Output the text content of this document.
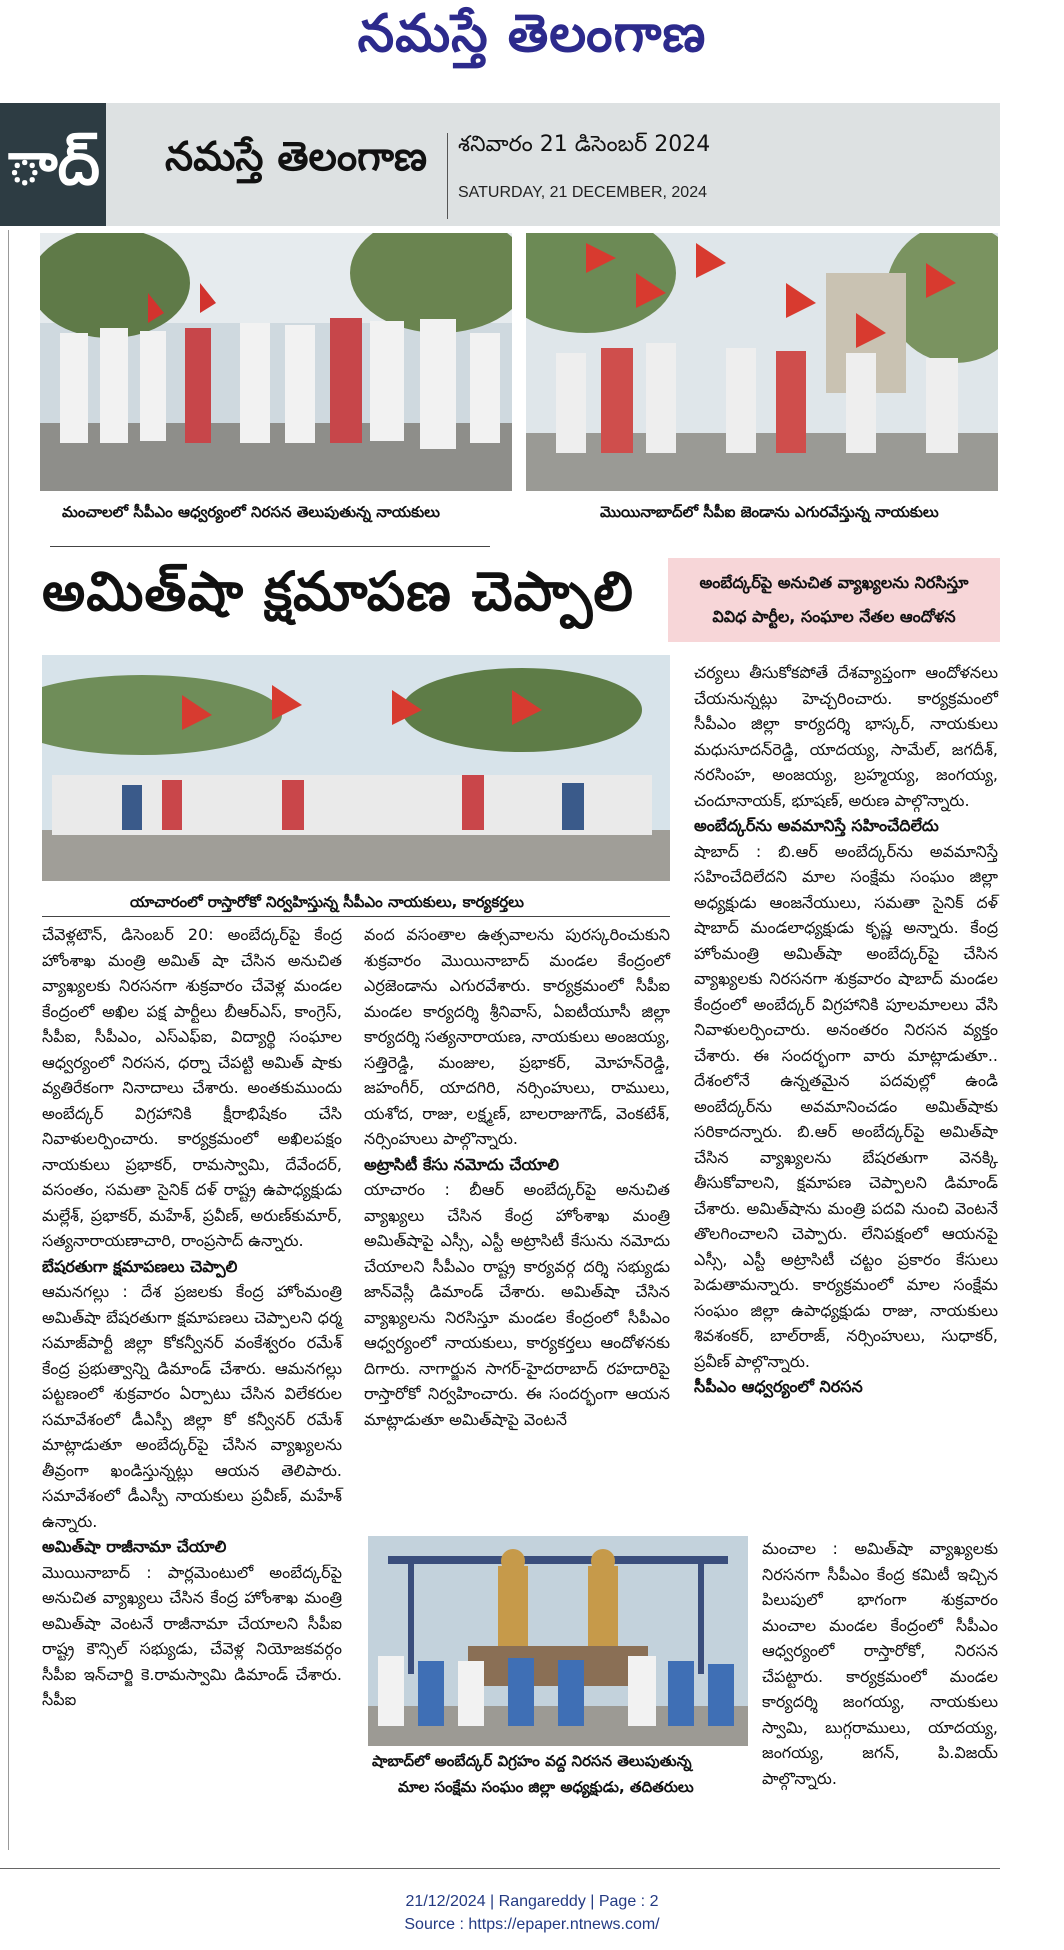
నమస్తే తెలంగాణ
ాద్ నమస్తే తెలంగాణ శనివారం 21 డిసెంబర్ 2024
SATURDAY, 21 DECEMBER, 2024
మంచాలలో సీపీఎం ఆధ్వర్యంలో నిరసన తెలుపుతున్న నాయకులు	మొయినాబాద్‌లో సీపీఐ జెండాను ఎగురవేస్తున్న నాయకులు
అమిత్‌షా క్షమాపణ చెప్పాలి	అంబేద్కర్‌పై అనుచిత వ్యాఖ్యలను నిరసిస్తూ
వివిధ పార్టీల, సంఘాల నేతల ఆందోళన
యాచారంలో రాస్తారోకో నిర్వహిస్తున్న సీపీఎం నాయకులు, కార్యకర్తలు

చేవెళ్లటౌన్, డిసెంబర్ 20: అంబేద్కర్‌పై కేంద్ర హోంశాఖ మంత్రి అమిత్ షా చేసిన అనుచిత వ్యాఖ్యలకు నిరసనగా శుక్రవారం చేవెళ్ల మండల కేంద్రంలో అఖిల పక్ష పార్టీలు బీఆర్ఎస్, కాంగ్రెస్, సీపీఐ, సీపీఎం, ఎస్ఎఫ్ఐ, విద్యార్థి సంఘాల ఆధ్వర్యంలో నిరసన, ధర్నా చేపట్టి అమిత్ షాకు వ్యతిరేకంగా నినాదాలు చేశారు. అంతకుముందు అంబేద్కర్ విగ్రహానికి క్షీరాభిషేకం చేసి నివాళులర్పించారు. కార్యక్రమంలో అఖిలపక్షం నాయకులు ప్రభాకర్, రామస్వామి, దేవేందర్, వసంతం, సమతా సైనిక్ దళ్ రాష్ట్ర ఉపాధ్యక్షుడు మల్లేశ్, ప్రభాకర్, మహేశ్, ప్రవీణ్, అరుణ్‌కుమార్, సత్యనారాయణాచారి, రాంప్రసాద్ ఉన్నారు.

బేషరతుగా క్షమాపణలు చెప్పాలి

ఆమనగల్లు : దేశ ప్రజలకు కేంద్ర హోంమంత్రి అమిత్‌షా బేషరతుగా క్షమాపణలు చెప్పాలని ధర్మ సమాజ్‌పార్టీ జిల్లా కోకన్వీనర్ వంకేశ్వరం రమేశ్ కేంద్ర ప్రభుత్వాన్ని డిమాండ్ చేశారు. ఆమనగల్లు పట్టణంలో శుక్రవారం ఏర్పాటు చేసిన విలేకరుల సమావేశంలో డీఎస్పీ జిల్లా కో కన్వీనర్ రమేశ్ మాట్లాడుతూ అంబేద్కర్‌పై చేసిన వ్యాఖ్యలను తీవ్రంగా ఖండిస్తున్నట్లు ఆయన తెలిపారు. సమావేశంలో డీఎస్పీ నాయకులు ప్రవీణ్, మహేశ్ ఉన్నారు.

అమిత్‌షా రాజీనామా చేయాలి

మొయినాబాద్ : పార్లమెంటులో అంబేద్కర్‌పై అనుచిత వ్యాఖ్యలు చేసిన కేంద్ర హోంశాఖ మంత్రి అమిత్‌షా వెంటనే రాజీనామా చేయాలని సీపీఐ రాష్ట్ర కౌన్సిల్ సభ్యుడు, చేవెళ్ల నియోజకవర్గం సీపీఐ ఇన్‌చార్జి కె.రామస్వామి డిమాండ్ చేశారు. సీపీఐ

వంద వసంతాల ఉత్సవాలను పురస్కరించుకుని శుక్రవారం మొయినాబాద్ మండల కేంద్రంలో ఎర్రజెండాను ఎగురవేశారు. కార్యక్రమంలో సీపీఐ మండల కార్యదర్శి శ్రీనివాస్, ఏఐటీయూసీ జిల్లా కార్యదర్శి సత్యనారాయణ, నాయకులు అంజయ్య, సత్తిరెడ్డి, మంజుల, ప్రభాకర్, మోహన్‌రెడ్డి, జహంగీర్, యాదగిరి, నర్సింహులు, రాములు, యశోద, రాజు, లక్ష్మణ్, బాలరాజుగౌడ్, వెంకటేశ్, నర్సింహులు పాల్గొన్నారు.

అట్రాసిటీ కేసు నమోదు చేయాలి

యాచారం : బీఆర్ అంబేద్కర్‌పై అనుచిత వ్యాఖ్యలు చేసిన కేంద్ర హోంశాఖ మంత్రి అమిత్‌షాపై ఎస్సీ, ఎస్టీ అట్రాసిటీ కేసును నమోదు చేయాలని సీపీఎం రాష్ట్ర కార్యవర్గ దర్శి సభ్యుడు జాన్‌వెస్లీ డిమాండ్ చేశారు. అమిత్‌షా చేసిన వ్యాఖ్యలను నిరసిస్తూ మండల కేంద్రంలో సీపీఎం ఆధ్వర్యంలో నాయకులు, కార్యకర్తలు ఆందోళనకు దిగారు. నాగార్జున సాగర్-హైదరాబాద్ రహదారిపై రాస్తారోకో నిర్వహించారు. ఈ సందర్భంగా ఆయన మాట్లాడుతూ అమిత్‌షాపై వెంటనే

షాబాద్‌లో అంబేద్కర్ విగ్రహం వద్ద నిరసన తెలుపుతున్న
మాల సంక్షేమ సంఘం జిల్లా అధ్యక్షుడు, తదితరులు

చర్యలు తీసుకోకపోతే దేశవ్యాప్తంగా ఆందోళనలు చేయనున్నట్లు హెచ్చరించారు. కార్యక్రమంలో సీపీఎం జిల్లా కార్యదర్శి భాస్కర్, నాయకులు మధుసూదన్‌రెడ్డి, యాదయ్య, సామేల్, జగదీశ్, నరసింహ, అంజయ్య, బ్రహ్మయ్య, జంగయ్య, చందూనాయక్, భూషణ్, అరుణ పాల్గొన్నారు.

అంబేద్కర్‌ను అవమానిస్తే సహించేదిలేదు

షాబాద్ : బి.ఆర్ అంబేద్కర్‌ను అవమానిస్తే సహించేదిలేదని మాల సంక్షేమ సంఘం జిల్లా అధ్యక్షుడు ఆంజనేయులు, సమతా సైనిక్ దళ్ షాబాద్ మండలాధ్యక్షుడు కృష్ణ అన్నారు. కేంద్ర హోంమంత్రి అమిత్‌షా అంబేద్కర్‌పై చేసిన వ్యాఖ్యలకు నిరసనగా శుక్రవారం షాబాద్ మండల కేంద్రంలో అంబేద్కర్ విగ్రహానికి పూలమాలలు వేసి నివాళులర్పించారు. అనంతరం నిరసన వ్యక్తం చేశారు. ఈ సందర్భంగా వారు మాట్లాడుతూ.. దేశంలోనే ఉన్నతమైన పదవుల్లో ఉండి అంబేద్కర్‌ను అవమానించడం అమిత్‌షాకు సరికాదన్నారు. బి.ఆర్ అంబేద్కర్‌పై అమిత్‌షా చేసిన వ్యాఖ్యలను బేషరతుగా వెనక్కి తీసుకోవాలని, క్షమాపణ చెప్పాలని డిమాండ్ చేశారు. అమిత్‌షాను మంత్రి పదవి నుంచి వెంటనే తొలగించాలని చెప్పారు. లేనిపక్షంలో ఆయనపై ఎస్సీ, ఎస్టీ అట్రాసిటీ చట్టం ప్రకారం కేసులు పెడుతామన్నారు. కార్యక్రమంలో మాల సంక్షేమ సంఘం జిల్లా ఉపాధ్యక్షుడు రాజు, నాయకులు శివశంకర్, బాల్‌రాజ్, నర్సింహులు, సుధాకర్, ప్రవీణ్ పాల్గొన్నారు.

సీపీఎం ఆధ్వర్యంలో నిరసన

మంచాల : అమిత్‌షా వ్యాఖ్యలకు నిరసనగా సీపీఎం కేంద్ర కమిటీ ఇచ్చిన పిలుపులో భాగంగా శుక్రవారం మంచాల మండల కేంద్రంలో సీపీఎం ఆధ్వర్యంలో రాస్తారోకో, నిరసన చేపట్టారు. కార్యక్రమంలో మండల కార్యదర్శి జంగయ్య, నాయకులు స్వామి, బుగ్గరాములు, యాదయ్య, జంగయ్య, జగన్, పి.విజయ్ పాల్గొన్నారు.

21/12/2024 | Rangareddy | Page : 2
Source : https://epaper.ntnews.com/
